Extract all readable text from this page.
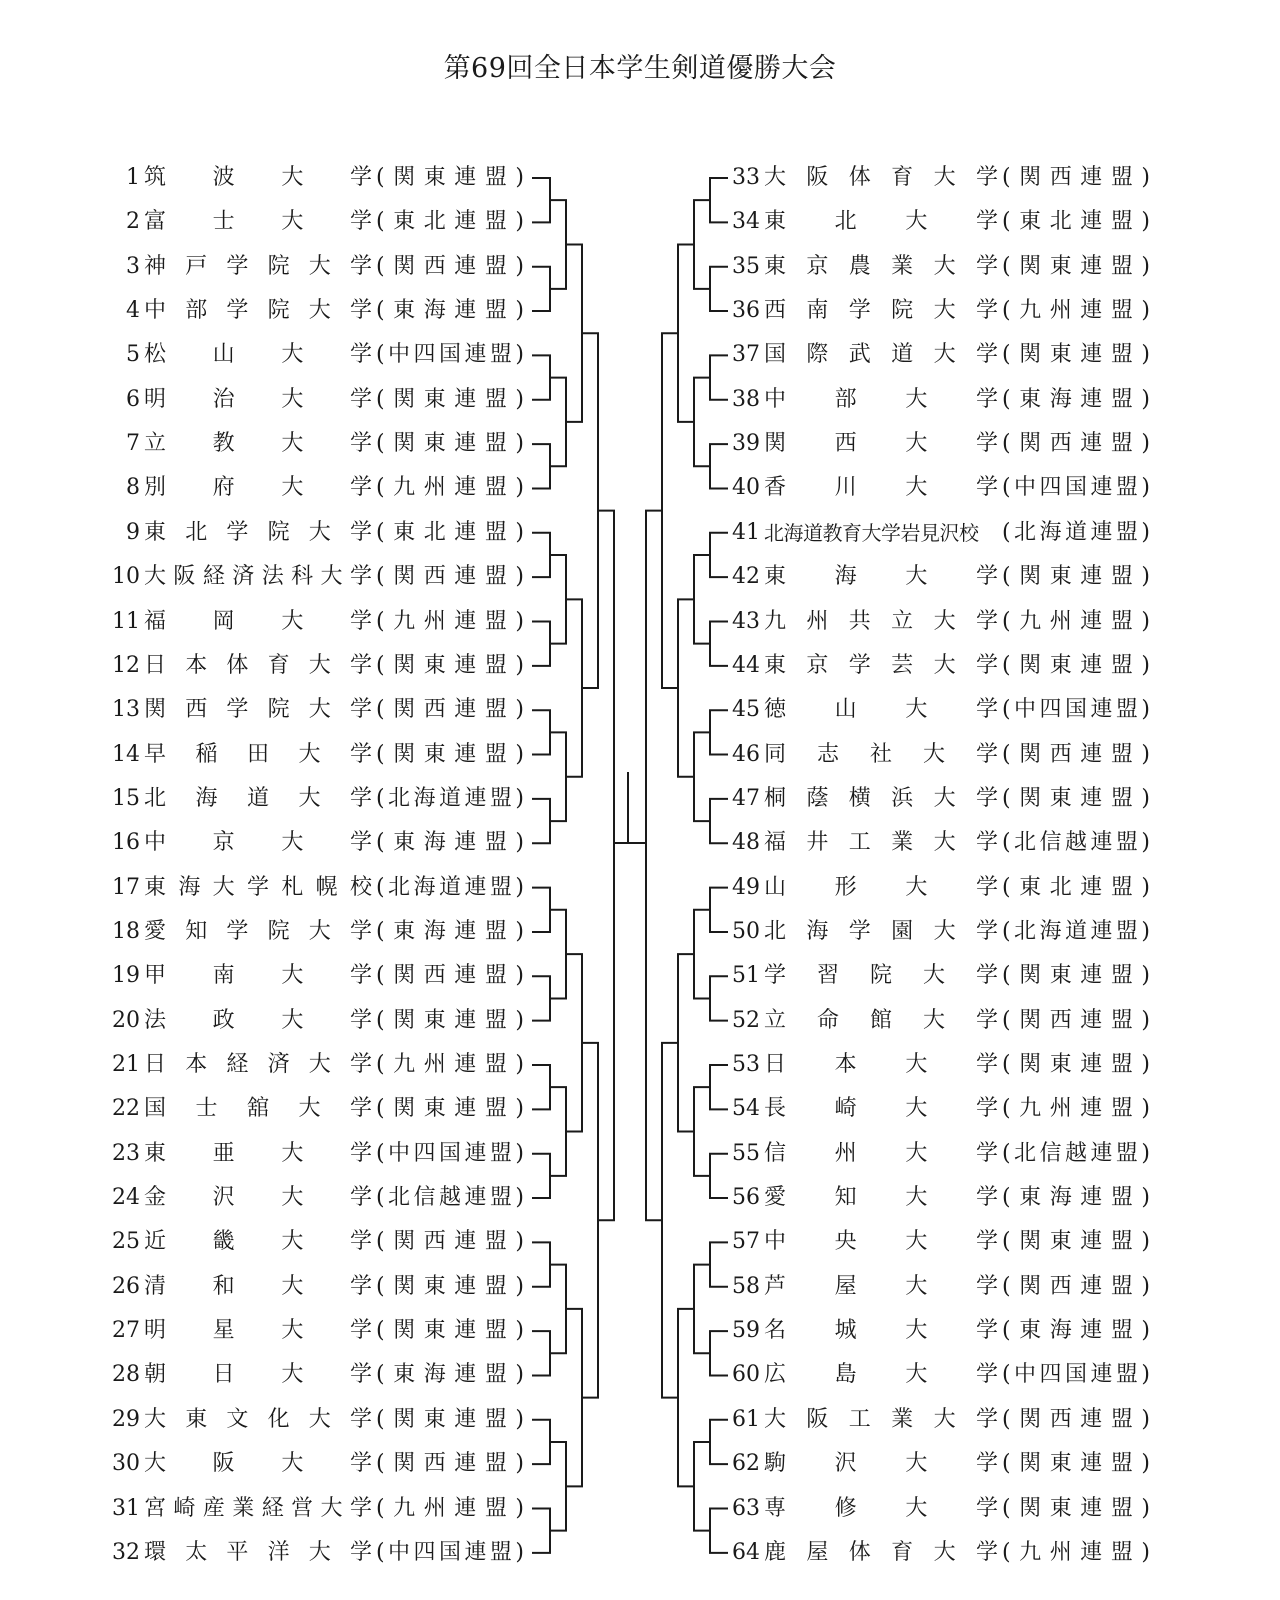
第69回全日本学生剣道優勝大会
1 筑 波 大 学 ( 関 東 連 盟 )
2 富 士 大 学 ( 東 北 連 盟 )
3 神 戸 学 院 大 学 ( 関 西 連 盟 )
4 中 部 学 院 大 学 ( 東 海 連 盟 )
5 松 山 大 学 ( 中 四 国 連 盟 )
6 明 治 大 学 ( 関 東 連 盟 )
7 立 教 大 学 ( 関 東 連 盟 )
8 別 府 大 学 ( 九 州 連 盟 )
9 東 北 学 院 大 学 ( 東 北 連 盟 )
10 大 阪 経 済 法 科 大 学 ( 関 西 連 盟 )
11 福 岡 大 学 ( 九 州 連 盟 )
12 日 本 体 育 大 学 ( 関 東 連 盟 )
13 関 西 学 院 大 学 ( 関 西 連 盟 )
14 早 稲 田 大 学 ( 関 東 連 盟 )
15 北 海 道 大 学 ( 北 海 道 連 盟 )
16 中 京 大 学 ( 東 海 連 盟 )
17 東 海 大 学 札 幌 校 ( 北 海 道 連 盟 )
18 愛 知 学 院 大 学 ( 東 海 連 盟 )
19 甲 南 大 学 ( 関 西 連 盟 )
20 法 政 大 学 ( 関 東 連 盟 )
21 日 本 経 済 大 学 ( 九 州 連 盟 )
22 国 士 舘 大 学 ( 関 東 連 盟 )
23 東 亜 大 学 ( 中 四 国 連 盟 )
24 金 沢 大 学 ( 北 信 越 連 盟 )
25 近 畿 大 学 ( 関 西 連 盟 )
26 清 和 大 学 ( 関 東 連 盟 )
27 明 星 大 学 ( 関 東 連 盟 )
28 朝 日 大 学 ( 東 海 連 盟 )
29 大 東 文 化 大 学 ( 関 東 連 盟 )
30 大 阪 大 学 ( 関 西 連 盟 )
31 宮 崎 産 業 経 営 大 学 ( 九 州 連 盟 )
32 環 太 平 洋 大 学 ( 中 四 国 連 盟 )
33 大 阪 体 育 大 学 ( 関 西 連 盟 )
34 東 北 大 学 ( 東 北 連 盟 )
35 東 京 農 業 大 学 ( 関 東 連 盟 )
36 西 南 学 院 大 学 ( 九 州 連 盟 )
37 国 際 武 道 大 学 ( 関 東 連 盟 )
38 中 部 大 学 ( 東 海 連 盟 )
39 関 西 大 学 ( 関 西 連 盟 )
40 香 川 大 学 ( 中 四 国 連 盟 )
41 北海道教育大学岩見沢校	( 北 海 道 連 盟 )
42 東 海 大 学 ( 関 東 連 盟 )
43 九 州 共 立 大 学 ( 九 州 連 盟 )
44 東 京 学 芸 大 学 ( 関 東 連 盟 )
45 徳 山 大 学 ( 中 四 国 連 盟 )
46 同 志 社 大 学 ( 関 西 連 盟 )
47 桐 蔭 横 浜 大 学 ( 関 東 連 盟 )
48 福 井 工 業 大 学 ( 北 信 越 連 盟 )
49 山 形 大 学 ( 東 北 連 盟 )
50 北 海 学 園 大 学 ( 北 海 道 連 盟 )
51 学 習 院 大 学 ( 関 東 連 盟 )
52 立 命 館 大 学 ( 関 西 連 盟 )
53 日 本 大 学 ( 関 東 連 盟 )
54 長 崎 大 学 ( 九 州 連 盟 )
55 信 州 大 学 ( 北 信 越 連 盟 )
56 愛 知 大 学 ( 東 海 連 盟 )
57 中 央 大 学 ( 関 東 連 盟 )
58 芦 屋 大 学 ( 関 西 連 盟 )
59 名 城 大 学 ( 東 海 連 盟 )
60 広 島 大 学 ( 中 四 国 連 盟 )
61 大 阪 工 業 大 学 ( 関 西 連 盟 )
62 駒 沢 大 学 ( 関 東 連 盟 )
63 専 修 大 学 ( 関 東 連 盟 )
64 鹿 屋 体 育 大 学 ( 九 州 連 盟 )
